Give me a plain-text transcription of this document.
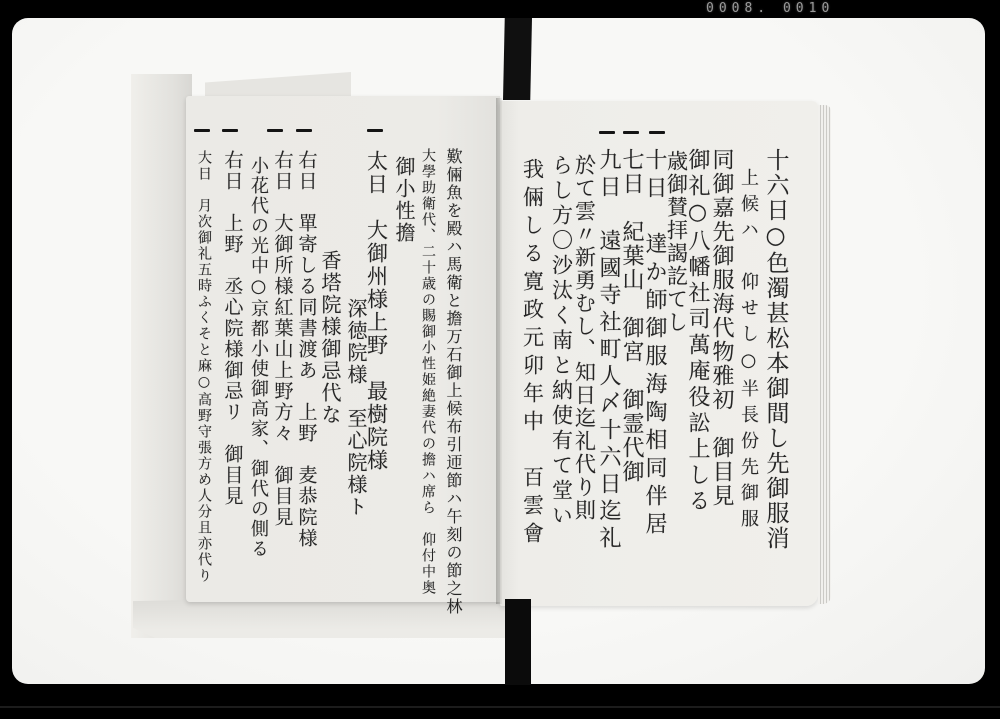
0008. 0010
十六日○色濁甚松本御間し先御服消
上候ハ　仰せし○半長份先御服
同御嘉先御服海代物雅初　御目見
御礼○八幡社司萬庵役訟上しる
歳御賛拝謁訖てし
十日　達か師御服海陶相同伴居
七日　紀葉山　御宮　御霊代御
九日　遠國寺社町人〆十六日迄礼
於て雲〃新勇むし、知日迄礼代り則
らし方〇沙汰く南と納使有て堂い
我倆しる寛政元卯年中　百雲會
歎倆魚を殿ハ馬衛と擔万石御上候布引迊節ハ午刻の節之林
大學助衛代、二十歳の賜御小性姫絶妻代の擔ハ席ら　仰付中奥
御小性擔
太日　大御州様上野　最樹院様
深徳院様　至心院様ト
香塔院様御忌代な
右日　單寄しる同書渡あ　上野　麦恭院様
右日　大御所様紅葉山上野方々　御目見
小花代の光中○京都小使御高家、御代の側る
右日　上野　丞心院様御忌リ　御目見
大日　月次御礼五時ふくそと麻○高野守張方め人分且亦代り
